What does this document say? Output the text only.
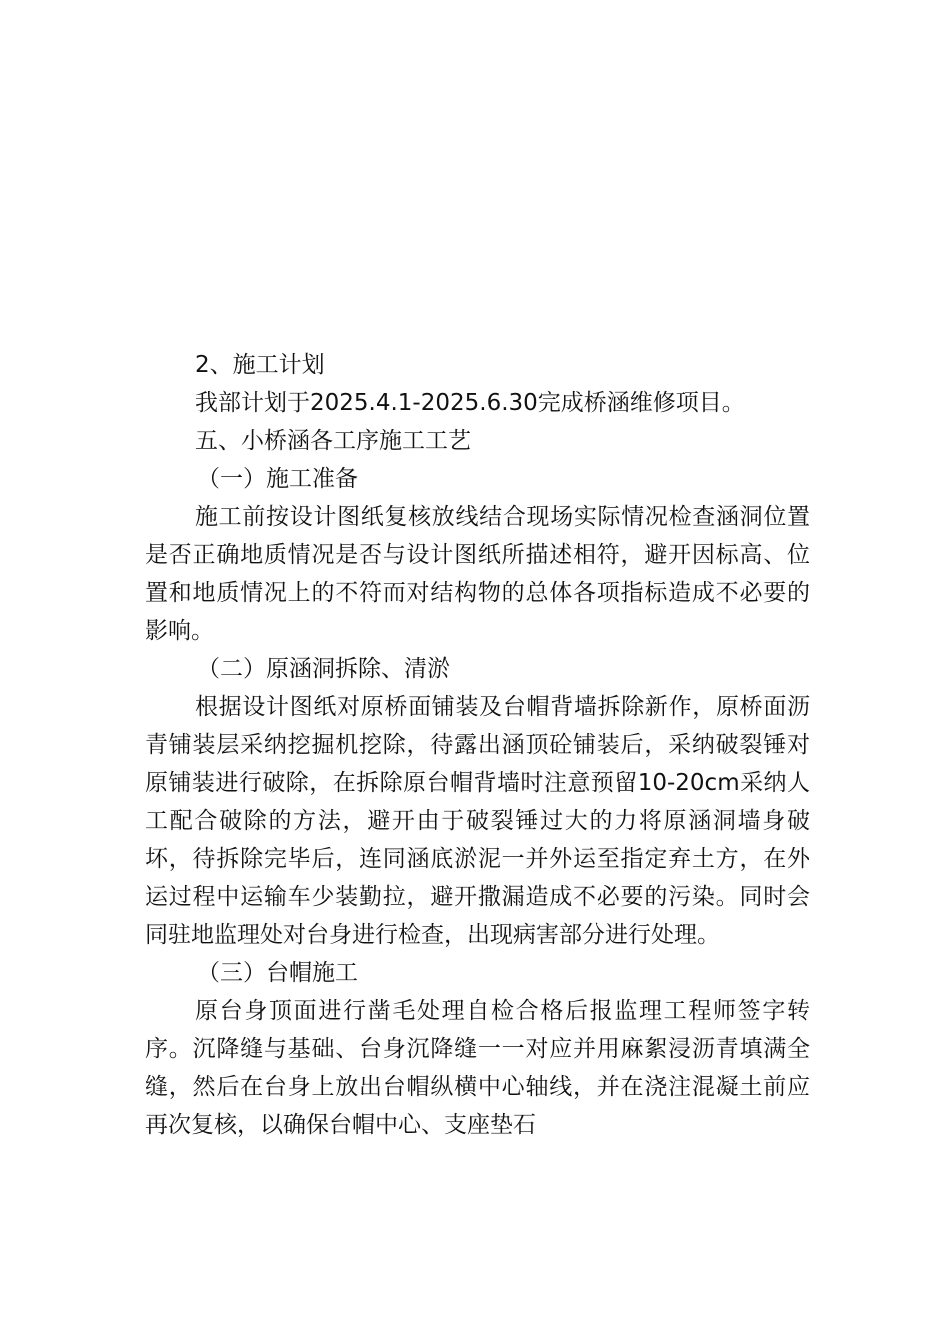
2、施工计划

我部计划于2025.4.1-2025.6.30完成桥涵维修项目。

五、小桥涵各工序施工工艺

（一）施工准备

施工前按设计图纸复核放线结合现场实际情况检查涵洞位置是否正确地质情况是否与设计图纸所描述相符，避开因标高、位置和地质情况上的不符而对结构物的总体各项指标造成不必要的影响。

（二）原涵洞拆除、清淤

根据设计图纸对原桥面铺装及台帽背墙拆除新作，原桥面沥青铺装层采纳挖掘机挖除，待露出涵顶砼铺装后，采纳破裂锤对原铺装进行破除，在拆除原台帽背墙时注意预留10-20cm采纳人工配合破除的方法，避开由于破裂锤过大的力将原涵洞墙身破坏，待拆除完毕后，连同涵底淤泥一并外运至指定弃土方，在外运过程中运输车少装勤拉，避开撒漏造成不必要的污染。同时会同驻地监理处对台身进行检查，出现病害部分进行处理。

（三）台帽施工

原台身顶面进行凿毛处理自检合格后报监理工程师签字转序。沉降缝与基础、台身沉降缝一一对应并用麻絮浸沥青填满全缝，然后在台身上放出台帽纵横中心轴线，并在浇注混凝土前应再次复核，以确保台帽中心、支座垫石
